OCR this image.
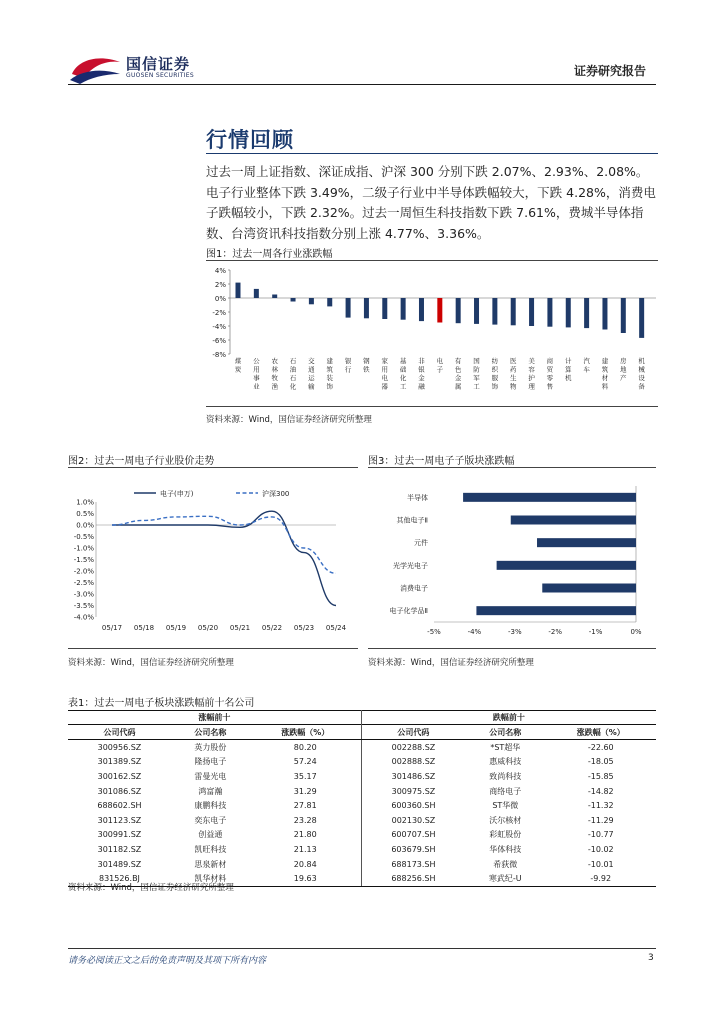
国信证券
GUOSEN SECURITIES	证券研究报告
行情回顾
过去一周上证指数、深证成指、沪深 300 分别下跌 2.07%、2.93%、2.08%。电子行业整体下跌 3.49%，二级子行业中半导体跌幅较大，下跌 4.28%，消费电子跌幅较小，下跌 2.32%。过去一周恒生科技指数下跌 7.61%，费城半导体指数、台湾资讯科技指数分别上涨 4.77%、3.36%。
图1：过去一周各行业涨跌幅
4%
2%
0%
-2%
-4%
-6%
-8%
煤
炭
公
用
事
业
农
林
牧
渔
石
油
石
化
交
通
运
输
建
筑
装
饰
银
行
钢
铁
家
用
电
器
基
础
化
工
非
银
金
融
电
子
有
色
金
属
国
防
军
工
纺
织
服
饰
医
药
生
物
美
容
护
理
商
贸
零
售
计
算
机
汽
车
建
筑
材
料
房
地
产
机
械
设
备
资料来源：Wind，国信证券经济研究所整理
图2：过去一周电子行业股价走势
1.0%
0.5%
0.0%
-0.5%
-1.0%
-1.5%
-2.0%
-2.5%
-3.0%
-3.5%
-4.0%
05/17 05/18 05/19 05/20 05/21 05/22 05/23 05/24
电子(申万)	沪深300
资料来源：Wind，国信证券经济研究所整理
图3：过去一周电子子版块涨跌幅
-5%	-4%	-3%	-2%	-1%	0%
半导体
其他电子Ⅱ
元件
光学光电子
消费电子
电子化学品Ⅱ
资料来源：Wind，国信证券经济研究所整理
表1：过去一周电子板块涨跌幅前十名公司
涨幅前十			跌幅前十		
公司代码	公司名称	涨跌幅（%）	公司代码	公司名称	涨跌幅（%）
300956.SZ	英力股份	80.20	002288.SZ	*ST超华	-22.60
301389.SZ	隆扬电子	57.24	002888.SZ	惠威科技	-18.05
300162.SZ	雷曼光电	35.17	301486.SZ	致尚科技	-15.85
301086.SZ	鸿富瀚	31.29	300975.SZ	商络电子	-14.82
688602.SH	康鹏科技	27.81	600360.SH	ST华微	-11.32
301123.SZ	奕东电子	23.28	002130.SZ	沃尔核材	-11.29
300991.SZ	创益通	21.80	600707.SH	彩虹股份	-10.77
301182.SZ	凯旺科技	21.13	603679.SH	华体科技	-10.02
301489.SZ	思泉新材	20.84	688173.SH	希荻微	-10.01
831526.BJ	凯华材料	19.63	688256.SH	寒武纪-U	-9.92
资料来源：Wind，国信证券经济研究所整理
请务必阅读正文之后的免责声明及其项下所有内容	3
